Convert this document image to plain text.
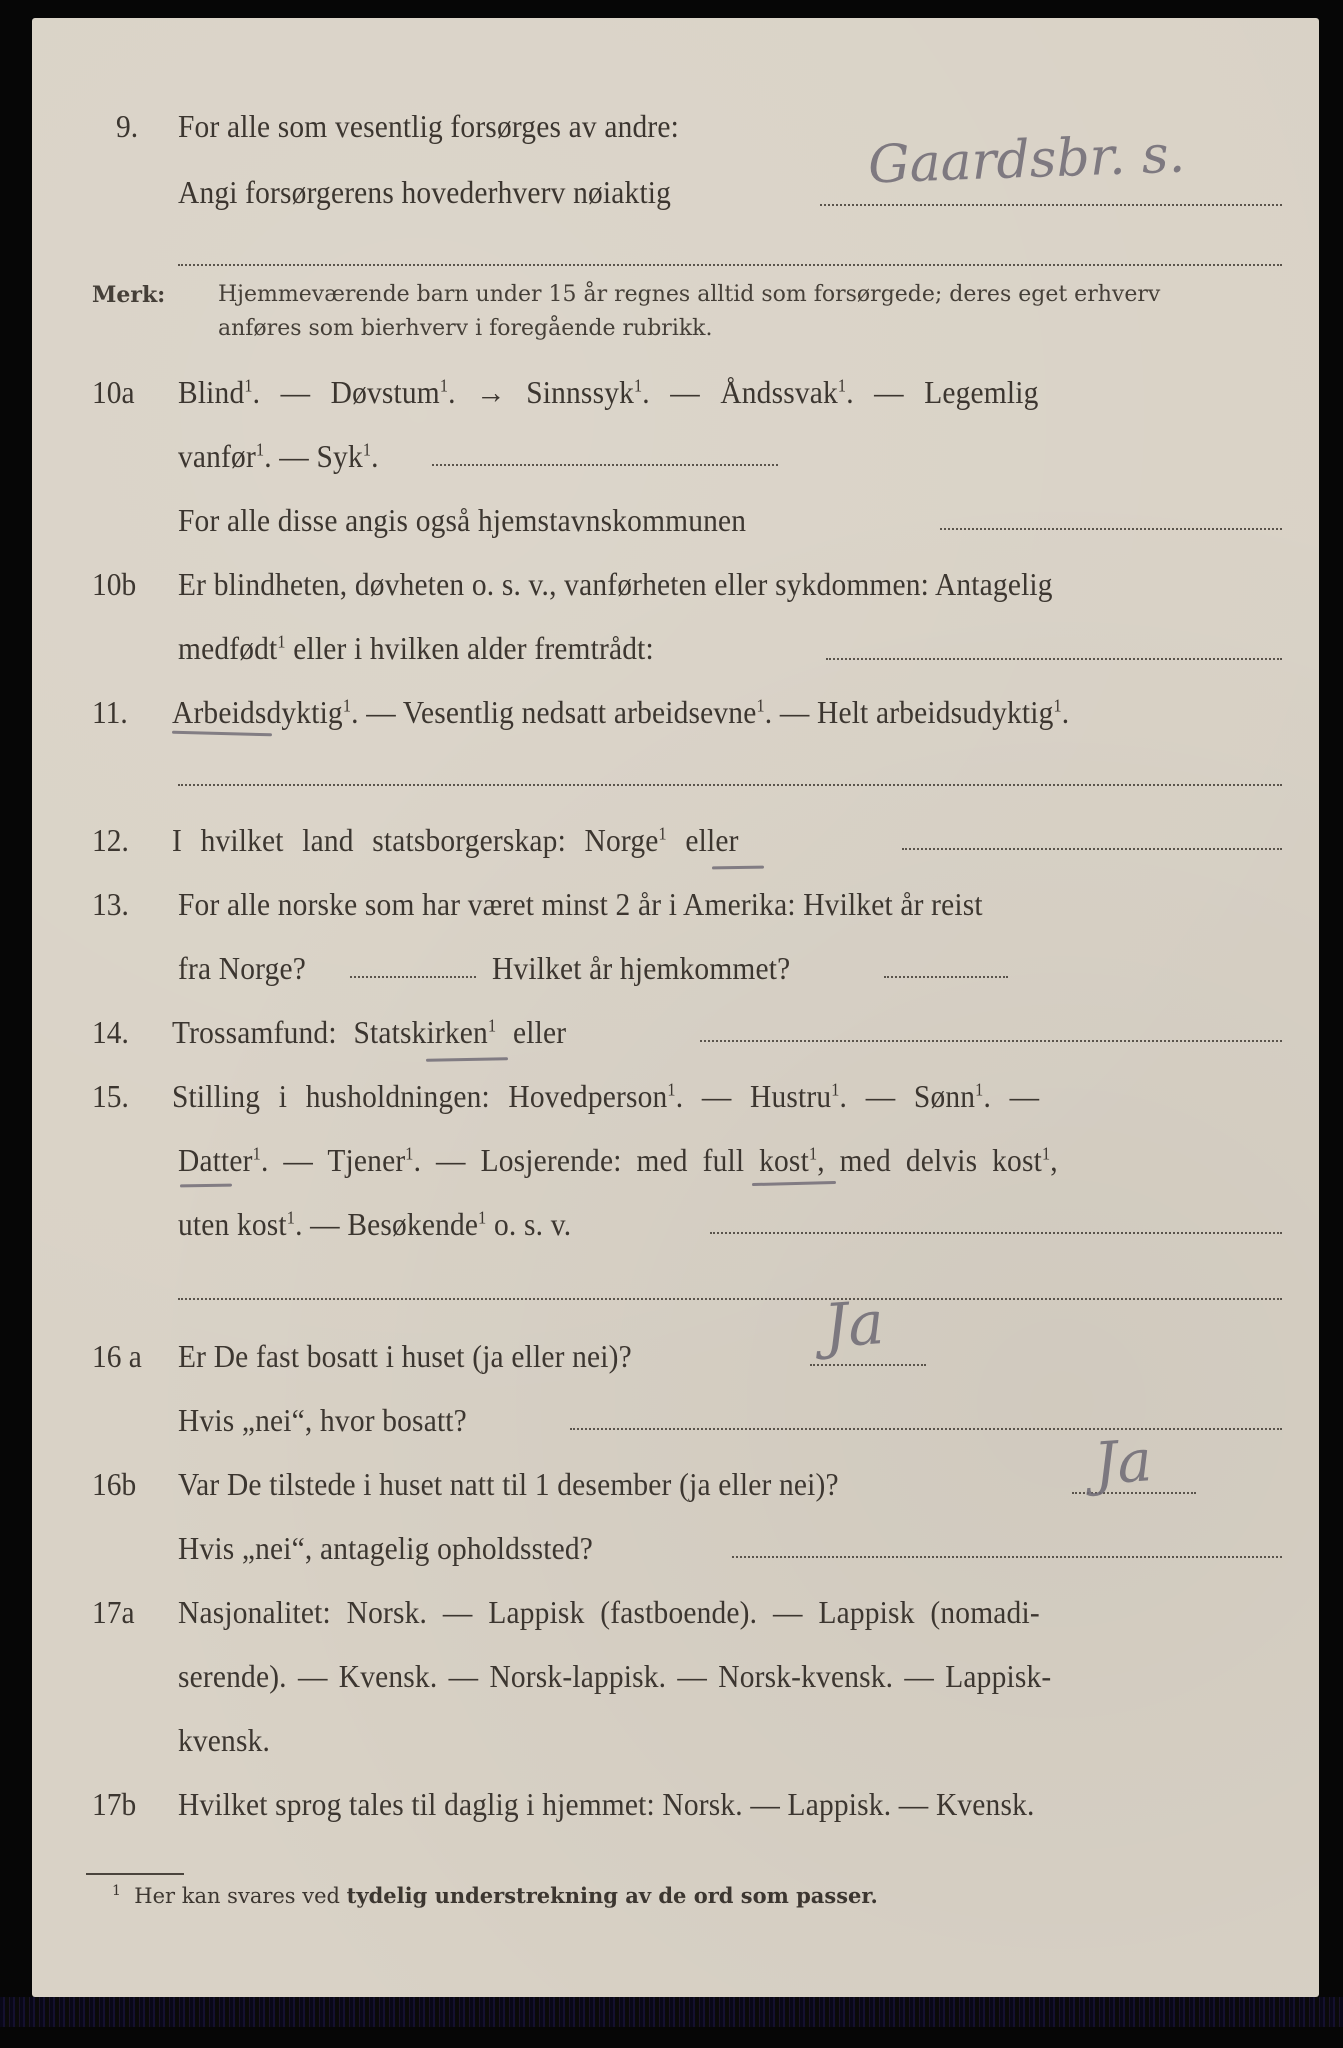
9. For alle som vesentlig forsørges av andre:
Angi forsørgerens hovederhverv nøiaktig	Gaardsbr. s.
Merk: Hjemmeværende barn under 15 år regnes alltid som forsørgede; deres eget erhverv
anføres som bierhverv i foregående rubrikk.
10a Blind$^1$. — Døvstum$^1$. → Sinnssyk$^1$. — Åndssvak$^1$. — Legemlig
vanfør$^1$. — Syk$^1$.
For alle disse angis også hjemstavnskommunen
10b Er blindheten, døvheten o. s. v., vanførheten eller sykdommen: Antagelig
medfødt$^1$ eller i hvilken alder fremtrådt:
11. Arbeidsdyktig$^1$. — Vesentlig nedsatt arbeidsevne$^1$. — Helt arbeidsudyktig$^1$.
12. I hvilket land statsborgerskap: Norge$^1$ eller
13. For alle norske som har været minst 2 år i Amerika: Hvilket år reist
fra Norge?	Hvilket år hjemkommet?
14. Trossamfund: Statskirken$^1$ eller
15. Stilling i husholdningen: Hovedperson$^1$. — Hustru$^1$. — Sønn$^1$. —
Datter$^1$. — Tjener$^1$. — Losjerende: med full kost$^1$, med delvis kost$^1$,
uten kost$^1$. — Besøkende$^1$ o. s. v.
16 a Er De fast bosatt i huset (ja eller nei)?	Ja
Hvis „nei“, hvor bosatt?
16b Var De tilstede i huset natt til 1 desember (ja eller nei)?	Ja
Hvis „nei“, antagelig opholdssted?
17a Nasjonalitet: Norsk. — Lappisk (fastboende). — Lappisk (nomadi-
serende). — Kvensk. — Norsk-lappisk. — Norsk-kvensk. — Lappisk-
kvensk.
17b Hvilket sprog tales til daglig i hjemmet: Norsk. — Lappisk. — Kvensk.
$^1$ Her kan svares ved tydelig understrekning av de ord som passer.
